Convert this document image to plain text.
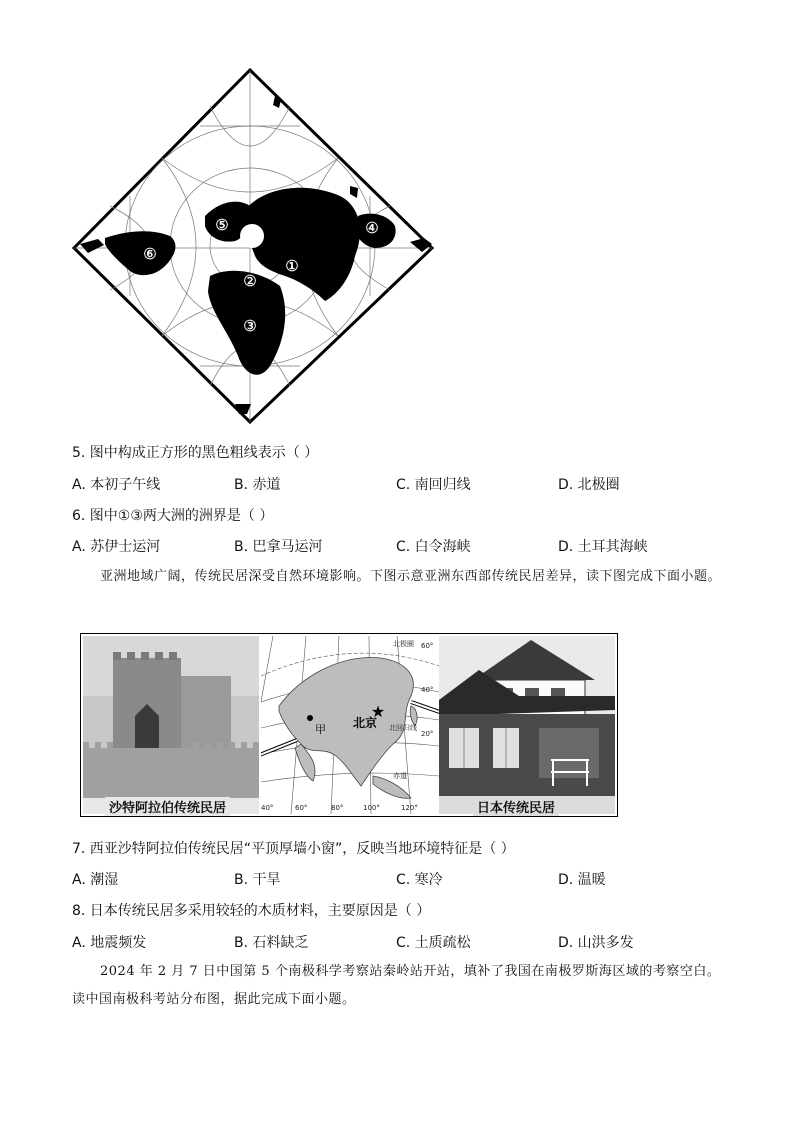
①
②
③
④
⑤
⑥
5. 图中构成正方形的黑色粗线表示（ ）
A. 本初子午线	B. 赤道	C. 南回归线	D. 北极圈
6. 图中①③两大洲的洲界是（ ）
A. 苏伊士运河	B. 巴拿马运河	C. 白令海峡	D. 土耳其海峡
亚洲地域广阔，传统民居深受自然环境影响。下图示意亚洲东西部传统民居差异，读下图完成下面小题。
沙特阿拉伯传统民居
甲
★
北京
北极圈
北回归线
赤道
60°
40°
20°
40°	60°	80°	100°	120°	日本传统民居
7. 西亚沙特阿拉伯传统民居“平顶厚墙小窗”，反映当地环境特征是（ ）
A. 潮湿	B. 干旱	C. 寒冷	D. 温暖
8. 日本传统民居多采用较轻的木质材料，主要原因是（ ）
A. 地震频发	B. 石料缺乏	C. 土质疏松	D. 山洪多发
2024 年 2 月 7 日中国第 5 个南极科学考察站秦岭站开站，填补了我国在南极罗斯海区域的考察空白。读中国南极科考站分布图，据此完成下面小题。
